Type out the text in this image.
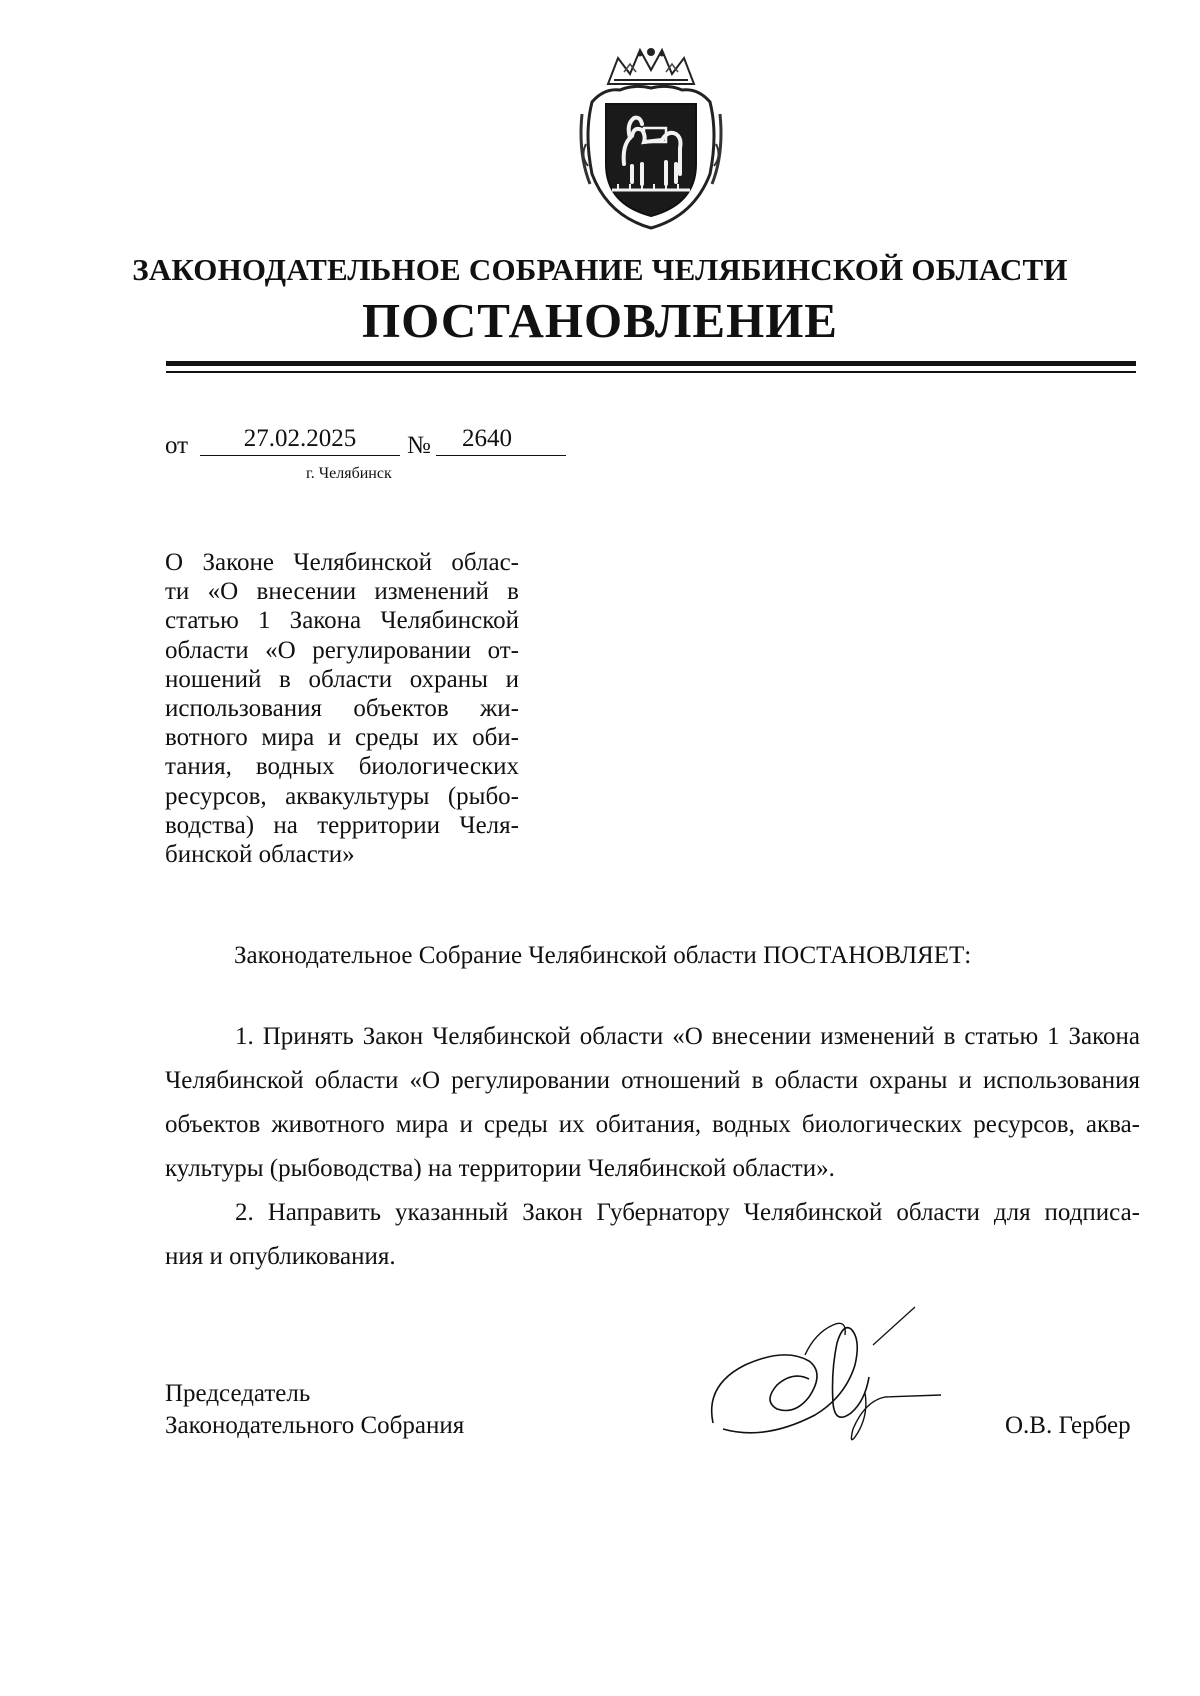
ЗАКОНОДАТЕЛЬНОЕ СОБРАНИЕ ЧЕЛЯБИНСКОЙ ОБЛАСТИ
ПОСТАНОВЛЕНИЕ
от	27.02.2025	№	2640
г. Челябинск
О Законе Челябинской облас-
ти «О внесении изменений в
статью 1 Закона Челябинской
области «О регулировании от-
ношений в области охраны и
использования объектов жи-
вотного мира и среды их оби-
тания, водных биологических
ресурсов, аквакультуры (рыбо-
водства) на территории Челя-
бинской области»
Законодательное Собрание Челябинской области ПОСТАНОВЛЯЕТ:
1. Принять Закон Челябинской области «О внесении изменений в статью 1 Закона
Челябинской области «О регулировании отношений в области охраны и использования
объектов животного мира и среды их обитания, водных биологических ресурсов, аква-
культуры (рыбоводства) на территории Челябинской области».
2. Направить указанный Закон Губернатору Челябинской области для подписа-
ния и опубликования.
Председатель
Законодательного Собрания	О.В. Гербер
